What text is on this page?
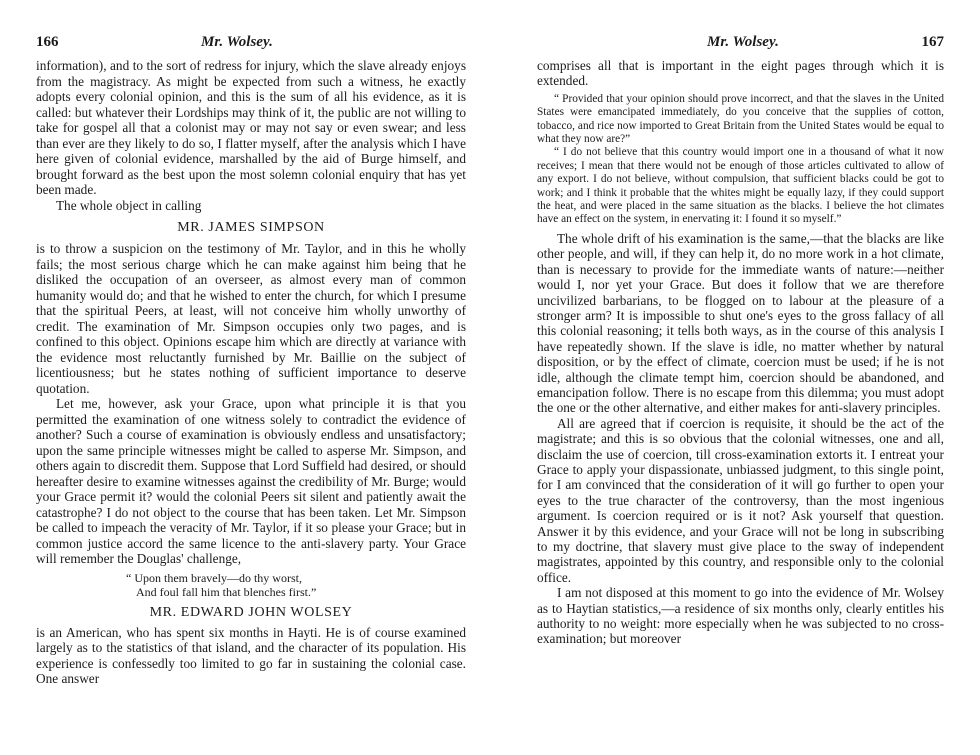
166	Mr. Wolsey.

information), and to the sort of redress for injury, which the slave already enjoys from the magistracy. As might be expected from such a witness, he exactly adopts every colonial opinion, and this is the sum of all his evidence, as it is called: but whatever their Lordships may think of it, the public are not willing to take for gospel all that a colonist may or may not say or even swear; and less than ever are they likely to do so, I flatter myself, after the analysis which I have here given of colonial evidence, marshalled by the aid of Burge himself, and brought forward as the best upon the most solemn colonial enquiry that has yet been made.

The whole object in calling

MR. JAMES SIMPSON

is to throw a suspicion on the testimony of Mr. Taylor, and in this he wholly fails; the most serious charge which he can make against him being that he disliked the occupation of an overseer, as almost every man of common humanity would do; and that he wished to enter the church, for which I presume that the spiritual Peers, at least, will not conceive him wholly unworthy of credit. The examination of Mr. Simpson occupies only two pages, and is confined to this object. Opinions escape him which are directly at variance with the evidence most reluctantly furnished by Mr. Baillie on the subject of licentiousness; but he states nothing of sufficient importance to deserve quotation.

Let me, however, ask your Grace, upon what principle it is that you permitted the examination of one witness solely to contradict the evidence of another? Such a course of examination is obviously endless and unsatisfactory; upon the same principle witnesses might be called to asperse Mr. Simpson, and others again to discredit them. Suppose that Lord Suffield had desired, or should hereafter desire to examine witnesses against the credibility of Mr. Burge; would your Grace permit it? would the colonial Peers sit silent and patiently await the catastrophe? I do not object to the course that has been taken. Let Mr. Simpson be called to impeach the veracity of Mr. Taylor, if it so please your Grace; but in common justice accord the same licence to the anti-slavery party. Your Grace will remember the Douglas' challenge,

“ Upon them bravely—do thy worst,
And foul fall him that blenches first.”
MR. EDWARD JOHN WOLSEY

is an American, who has spent six months in Hayti. He is of course examined largely as to the statistics of that island, and the character of its population. His experience is confessedly too limited to go far in sustaining the colonial case. One answer

Mr. Wolsey.	167

comprises all that is important in the eight pages through which it is extended.

“ Provided that your opinion should prove incorrect, and that the slaves in the United States were emancipated immediately, do you conceive that the supplies of cotton, tobacco, and rice now imported to Great Britain from the United States would be equal to what they now are?”

“ I do not believe that this country would import one in a thousand of what it now receives; I mean that there would not be enough of those articles cultivated to allow of any export. I do not believe, without compulsion, that sufficient blacks could be got to work; and I think it probable that the whites might be equally lazy, if they could support the heat, and were placed in the same situation as the blacks. I believe the hot climates have an effect on the system, in enervating it: I found it so myself.”

The whole drift of his examination is the same,—that the blacks are like other people, and will, if they can help it, do no more work in a hot climate, than is necessary to provide for the immediate wants of nature:—neither would I, nor yet your Grace. But does it follow that we are therefore uncivilized barbarians, to be flogged on to labour at the pleasure of a stronger arm? It is impossible to shut one's eyes to the gross fallacy of all this colonial reasoning; it tells both ways, as in the course of this analysis I have repeatedly shown. If the slave is idle, no matter whether by natural disposition, or by the effect of climate, coercion must be used; if he is not idle, although the climate tempt him, coercion should be abandoned, and emancipation follow. There is no escape from this dilemma; you must adopt the one or the other alternative, and either makes for anti-slavery principles.

All are agreed that if coercion is requisite, it should be the act of the magistrate; and this is so obvious that the colonial witnesses, one and all, disclaim the use of coercion, till cross-examination extorts it. I entreat your Grace to apply your dispassionate, unbiassed judgment, to this single point, for I am convinced that the consideration of it will go further to open your eyes to the true character of the controversy, than the most ingenious argument. Is coercion required or is it not? Ask yourself that question. Answer it by this evidence, and your Grace will not be long in subscribing to my doctrine, that slavery must give place to the sway of independent magistrates, appointed by this country, and responsible only to the colonial office.

I am not disposed at this moment to go into the evidence of Mr. Wolsey as to Haytian statistics,—a residence of six months only, clearly entitles his authority to no weight: more especially when he was subjected to no cross-examination; but moreover
